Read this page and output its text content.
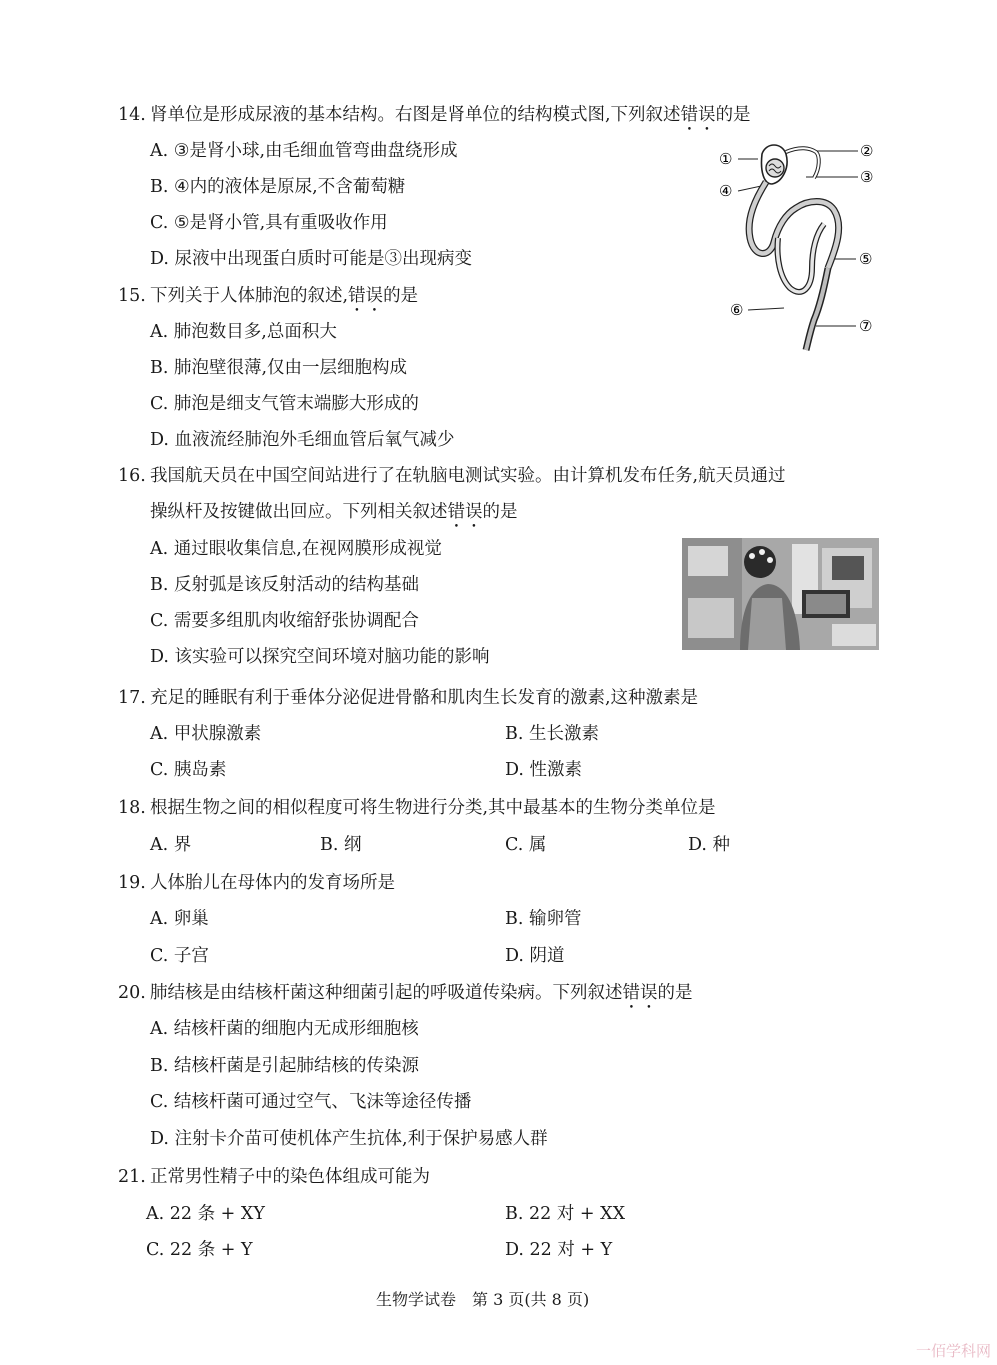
14. 肾单位是形成尿液的基本结构。右图是肾单位的结构模式图,下列叙述错误的是
A. ③是肾小球,由毛细血管弯曲盘绕形成
B. ④内的液体是原尿,不含葡萄糖
C. ⑤是肾小管,具有重吸收作用
D. 尿液中出现蛋白质时可能是③出现病变
①	②
③
④
⑤
⑥
⑦
15. 下列关于人体肺泡的叙述,错误的是
A. 肺泡数目多,总面积大
B. 肺泡壁很薄,仅由一层细胞构成
C. 肺泡是细支气管末端膨大形成的
D. 血液流经肺泡外毛细血管后氧气减少
16. 我国航天员在中国空间站进行了在轨脑电测试实验。由计算机发布任务,航天员通过
操纵杆及按键做出回应。下列相关叙述错误的是
A. 通过眼收集信息,在视网膜形成视觉
B. 反射弧是该反射活动的结构基础
C. 需要多组肌肉收缩舒张协调配合
D. 该实验可以探究空间环境对脑功能的影响
17. 充足的睡眠有利于垂体分泌促进骨骼和肌肉生长发育的激素,这种激素是
A. 甲状腺激素	B. 生长激素
C. 胰岛素	D. 性激素
18. 根据生物之间的相似程度可将生物进行分类,其中最基本的生物分类单位是
A. 界	B. 纲	C. 属	D. 种
19. 人体胎儿在母体内的发育场所是
A. 卵巢	B. 输卵管
C. 子宫	D. 阴道
20. 肺结核是由结核杆菌这种细菌引起的呼吸道传染病。下列叙述错误的是
A. 结核杆菌的细胞内无成形细胞核
B. 结核杆菌是引起肺结核的传染源
C. 结核杆菌可通过空气、飞沫等途径传播
D. 注射卡介苗可使机体产生抗体,利于保护易感人群
21. 正常男性精子中的染色体组成可能为
A. 22 条 + XY	B. 22 对 + XX
C. 22 条 + Y	D. 22 对 + Y
生物学试卷　第 3 页(共 8 页)
一佰学科网
